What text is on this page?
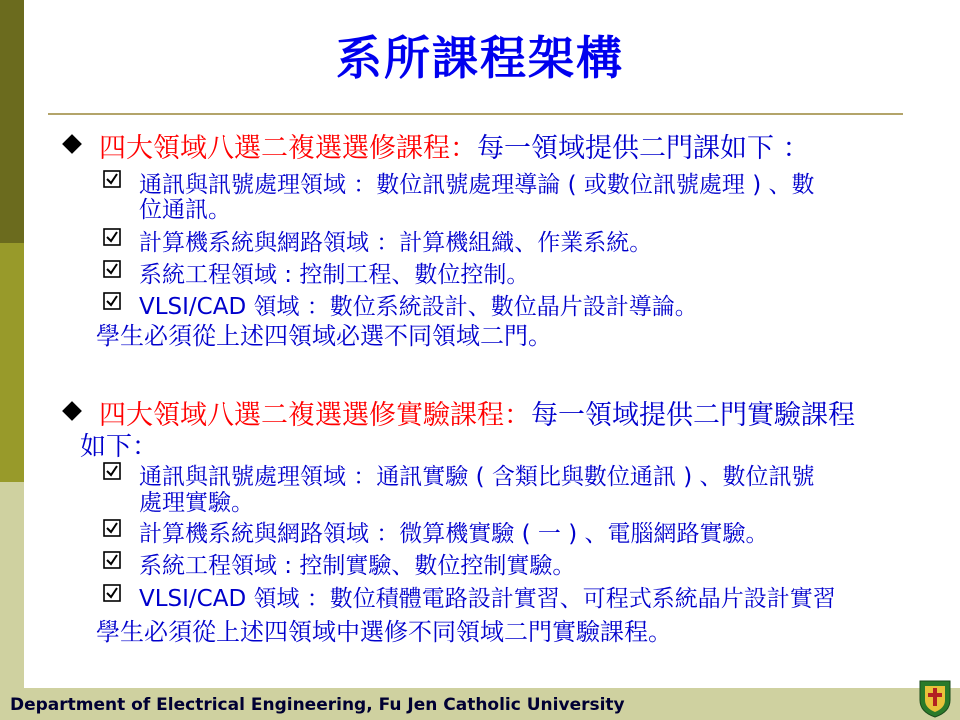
系所課程架構
四大領域八選二複選選修課程：每一領域提供二門課如下 ：
通訊與訊號處理領域 ：數位訊號處理導論 ( 或數位訊號處理 ) 、數
位通訊。
計算機系統與網路領域 ：計算機組織、作業系統。
系統工程領域 : 控制工程、數位控制。
VLSI/CAD 領域 ：數位系統設計、數位晶片設計導論。
學生必須從上述四領域必選不同領域二門。
四大領域八選二複選選修實驗課程：每一領域提供二門實驗課程
如下：
通訊與訊號處理領域 ：通訊實驗 ( 含類比與數位通訊 ) 、數位訊號
處理實驗。
計算機系統與網路領域 ：微算機實驗 ( 一 ) 、電腦網路實驗。
系統工程領域 : 控制實驗、數位控制實驗。
VLSI/CAD 領域 ：數位積體電路設計實習、可程式系統晶片設計實習
學生必須從上述四領域中選修不同領域二門實驗課程。
Department of Electrical Engineering, Fu Jen Catholic University
